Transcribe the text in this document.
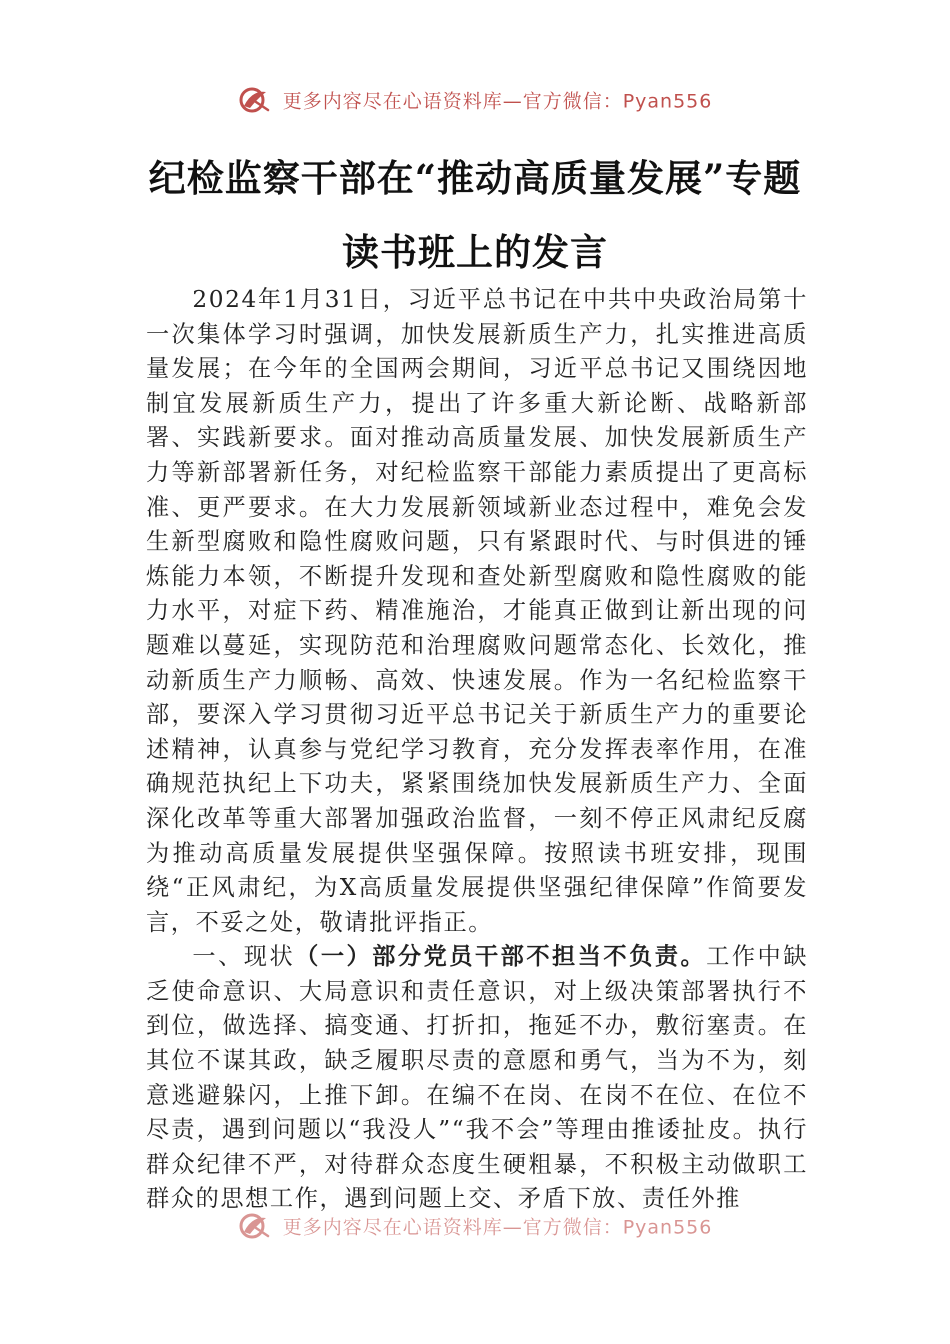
更多内容尽在心语资料库—官方微信：Pyan556
纪检监察干部在“推动高质量发展”专题
读书班上的发言

2024年1月31日，习近平总书记在中共中央政治局第十一次集体学习时强调，加快发展新质生产力，扎实推进高质量发展；在今年的全国两会期间，习近平总书记又围绕因地制宜发展新质生产力，提出了许多重大新论断、战略新部署、实践新要求。面对推动高质量发展、加快发展新质生产力等新部署新任务，对纪检监察干部能力素质提出了更高标准、更严要求。在大力发展新领域新业态过程中，难免会发生新型腐败和隐性腐败问题，只有紧跟时代、与时俱进的锤炼能力本领，不断提升发现和查处新型腐败和隐性腐败的能力水平，对症下药、精准施治，才能真正做到让新出现的问题难以蔓延，实现防范和治理腐败问题常态化、长效化，推动新质生产力顺畅、高效、快速发展。作为一名纪检监察干部，要深入学习贯彻习近平总书记关于新质生产力的重要论述精神，认真参与党纪学习教育，充分发挥表率作用，在准确规范执纪上下功夫，紧紧围绕加快发展新质生产力、全面深化改革等重大部署加强政治监督，一刻不停正风肃纪反腐为推动高质量发展提供坚强保障。按照读书班安排，现围绕“正风肃纪，为X高质量发展提供坚强纪律保障”作简要发言，不妥之处，敬请批评指正。

一、现状（一）部分党员干部不担当不负责。工作中缺乏使命意识、大局意识和责任意识，对上级决策部署执行不到位，做选择、搞变通、打折扣，拖延不办，敷衍塞责。在其位不谋其政，缺乏履职尽责的意愿和勇气，当为不为，刻意逃避躲闪，上推下卸。在编不在岗、在岗不在位、在位不尽责，遇到问题以“我没人”“我不会”等理由推诿扯皮。执行群众纪律不严，对待群众态度生硬粗暴，不积极主动做职工群众的思想工作，遇到问题上交、矛盾下放、责任外推

更多内容尽在心语资料库—官方微信：Pyan556
